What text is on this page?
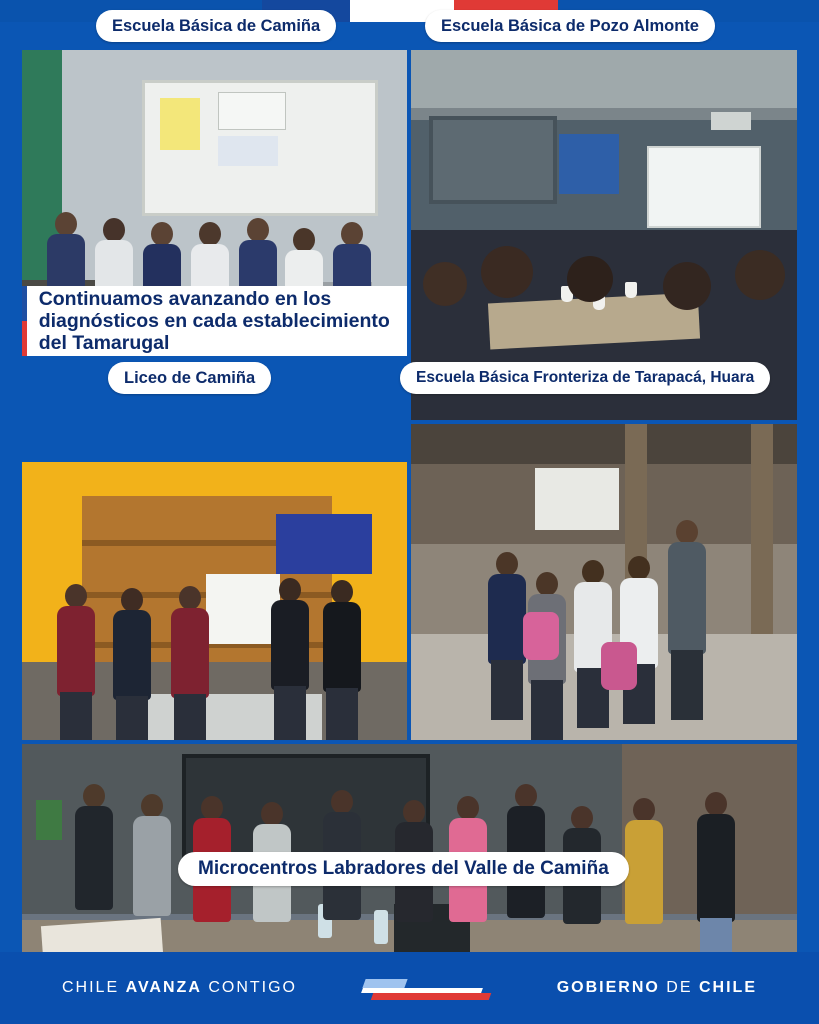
Escuela Básica de Camiña	Escuela Básica de Pozo Almonte
Liceo de Camiña	Escuela Básica Fronteriza de Tarapacá, Huara
Microcentros Labradores del Valle de Camiña
Continuamos avanzando en los diagnósticos en cada establecimiento del Tamarugal
CHILE AVANZA CONTIGO	GOBIERNO DE CHILE
